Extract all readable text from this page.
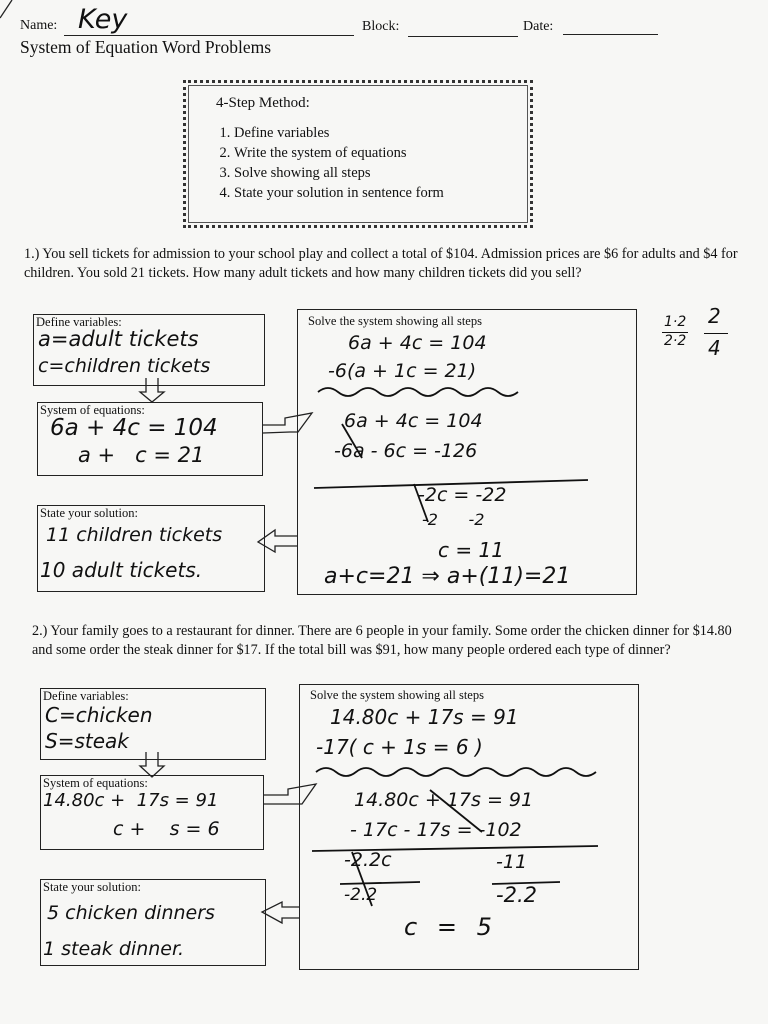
Name: Key	Block:	Date:
System of Equation Word Problems
4-Step Method:
1. Define variables
2. Write the system of equations
3. Solve showing all steps
4. State your solution in sentence form
1.) You sell tickets for admission to your school play and collect a total of $104. Admission prices are $6 for adults and $4 for children. You sold 21 tickets. How many adult tickets and how many children tickets did you sell?
Define variables:
a=adult tickets
c=children tickets
System of equations:
6a + 4c = 104
a +   c = 21
State your solution:
11 children tickets
10 adult tickets.
Solve the system showing all steps
6a + 4c = 104
-6(a + 1c = 21)
6a + 4c = 104
-6a - 6c = -126
-2c = -22
-2      -2
c = 11
a+c=21 ⇒ a+(11)=21
1·2
2·2
2
4
2.) Your family goes to a restaurant for dinner. There are 6 people in your family. Some order the chicken dinner for $14.80 and some order the steak dinner for $17. If the total bill was $91, how many people ordered each type of dinner?
Define variables:
C=chicken
S=steak
System of equations:
14.80c +  17s = 91
c +    s = 6
State your solution:
5 chicken dinners
1 steak dinner.
Solve the system showing all steps
14.80c + 17s = 91
-17( c + 1s = 6 )
14.80c + 17s = 91
- 17c - 17s = -102
-2.2c
-2.2
-11
-2.2
c = 5
